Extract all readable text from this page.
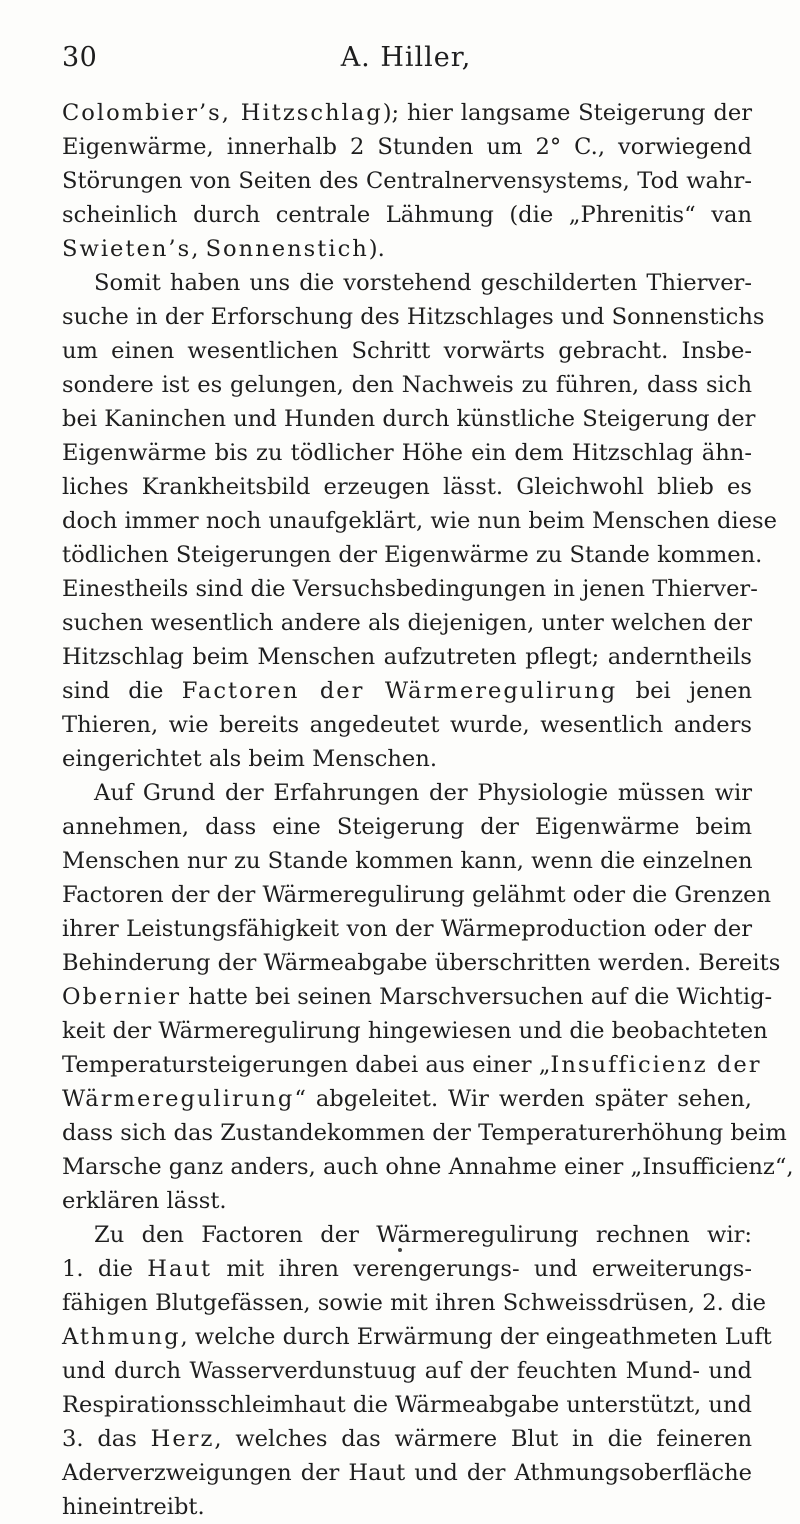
30	A. Hiller,
Colombier’s, Hitzschlag); hier langsame Steigerung der
Eigenwärme, innerhalb 2 Stunden um 2° C., vorwiegend
Störungen von Seiten des Centralnervensystems, Tod wahr-
scheinlich durch centrale Lähmung (die „Phrenitis“ van
Swieten’s, Sonnenstich).
Somit haben uns die vorstehend geschilderten Thierver-
suche in der Erforschung des Hitzschlages und Sonnenstichs
um einen wesentlichen Schritt vorwärts gebracht. Insbe-
sondere ist es gelungen, den Nachweis zu führen, dass sich
bei Kaninchen und Hunden durch künstliche Steigerung der
Eigenwärme bis zu tödlicher Höhe ein dem Hitzschlag ähn-
liches Krankheitsbild erzeugen lässt. Gleichwohl blieb es
doch immer noch unaufgeklärt, wie nun beim Menschen diese
tödlichen Steigerungen der Eigenwärme zu Stande kommen.
Einestheils sind die Versuchsbedingungen in jenen Thierver-
suchen wesentlich andere als diejenigen, unter welchen der
Hitzschlag beim Menschen aufzutreten pflegt; anderntheils
sind die Factoren der Wärmeregulirung bei jenen
Thieren, wie bereits angedeutet wurde, wesentlich anders
eingerichtet als beim Menschen.
Auf Grund der Erfahrungen der Physiologie müssen wir
annehmen, dass eine Steigerung der Eigenwärme beim
Menschen nur zu Stande kommen kann, wenn die einzelnen
Factoren der der Wärmeregulirung gelähmt oder die Grenzen
ihrer Leistungsfähigkeit von der Wärmeproduction oder der
Behinderung der Wärmeabgabe überschritten werden. Bereits
Obernier hatte bei seinen Marschversuchen auf die Wichtig-
keit der Wärmeregulirung hingewiesen und die beobachteten
Temperatursteigerungen dabei aus einer „Insufficienz der
Wärmeregulirung“ abgeleitet. Wir werden später sehen,
dass sich das Zustandekommen der Temperaturerhöhung beim
Marsche ganz anders, auch ohne Annahme einer „Insufficienz“,
erklären lässt.
Zu den Factoren der Wärmeregulirung rechnen wir:
1. die Haut mit ihren verengerungs- und erweiterungs-
fähigen Blutgefässen, sowie mit ihren Schweissdrüsen, 2. die
Athmung, welche durch Erwärmung der eingeathmeten Luft
und durch Wasserverdunstuug auf der feuchten Mund- und
Respirationsschleimhaut die Wärmeabgabe unterstützt, und
3. das Herz, welches das wärmere Blut in die feineren
Aderverzweigungen der Haut und der Athmungsoberfläche
hineintreibt.
